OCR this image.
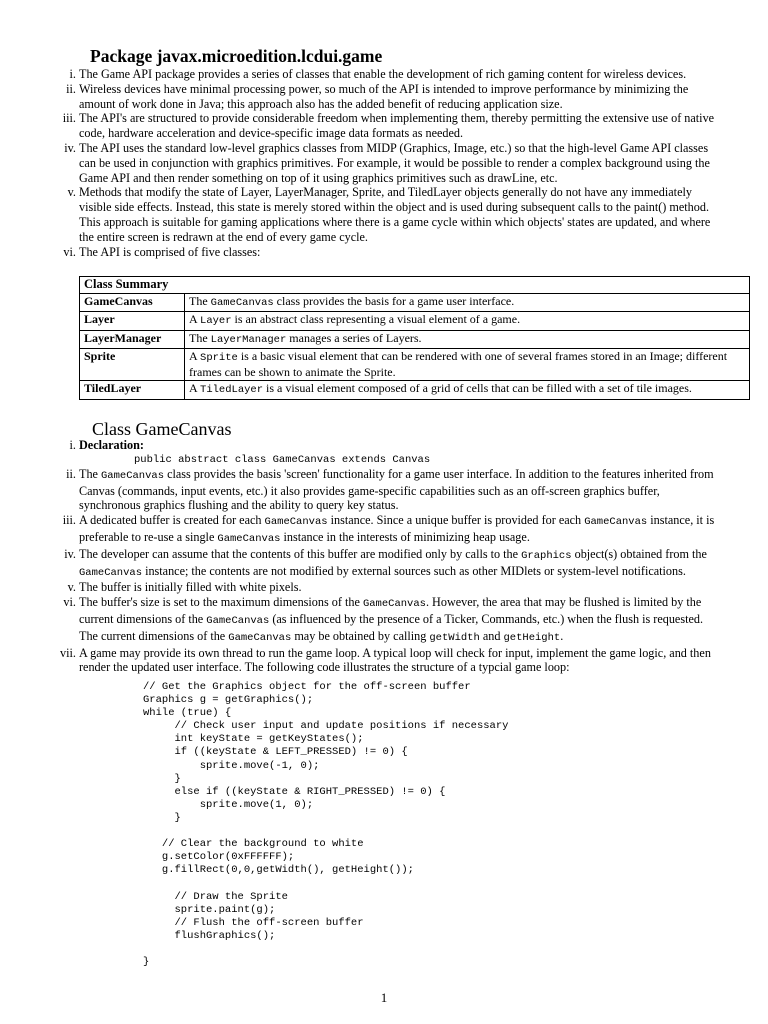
Package javax.microedition.lcdui.game
i. The Game API package provides a series of classes that enable the development of rich gaming content for wireless devices.
ii. Wireless devices have minimal processing power, so much of the API is intended to improve performance by minimizing the amount of work done in Java; this approach also has the added benefit of reducing application size.
iii. The API's are structured to provide considerable freedom when implementing them, thereby permitting the extensive use of native code, hardware acceleration and device-specific image data formats as needed.
iv. The API uses the standard low-level graphics classes from MIDP (Graphics, Image, etc.) so that the high-level Game API classes can be used in conjunction with graphics primitives. For example, it would be possible to render a complex background using the Game API and then render something on top of it using graphics primitives such as drawLine, etc.
v. Methods that modify the state of Layer, LayerManager, Sprite, and TiledLayer objects generally do not have any immediately visible side effects. Instead, this state is merely stored within the object and is used during subsequent calls to the paint() method. This approach is suitable for gaming applications where there is a game cycle within which objects' states are updated, and where the entire screen is redrawn at the end of every game cycle.
vi. The API is comprised of five classes:
Class Summary	
GameCanvas	The GameCanvas class provides the basis for a game user interface.
Layer	A Layer is an abstract class representing a visual element of a game.
LayerManager	The LayerManager manages a series of Layers.
Sprite	A Sprite is a basic visual element that can be rendered with one of several frames stored in an Image; different frames can be shown to animate the Sprite.
TiledLayer	A TiledLayer is a visual element composed of a grid of cells that can be filled with a set of tile images.
Class GameCanvas
i. Declaration:
public abstract class GameCanvas extends Canvas
ii. The GameCanvas class provides the basis 'screen' functionality for a game user interface. In addition to the features inherited from Canvas (commands, input events, etc.) it also provides game-specific capabilities such as an off-screen graphics buffer, synchronous graphics flushing and the ability to query key status.
iii. A dedicated buffer is created for each GameCanvas instance. Since a unique buffer is provided for each GameCanvas instance, it is preferable to re-use a single GameCanvas instance in the interests of minimizing heap usage.
iv. The developer can assume that the contents of this buffer are modified only by calls to the Graphics object(s) obtained from the GameCanvas instance; the contents are not modified by external sources such as other MIDlets or system-level notifications.
v. The buffer is initially filled with white pixels.
vi. The buffer's size is set to the maximum dimensions of the GameCanvas. However, the area that may be flushed is limited by the current dimensions of the GameCanvas (as influenced by the presence of a Ticker, Commands, etc.) when the flush is requested. The current dimensions of the GameCanvas may be obtained by calling getWidth and getHeight.
vii. A game may provide its own thread to run the game loop. A typical loop will check for input, implement the game logic, and then render the updated user interface. The following code illustrates the structure of a typcial game loop:
// Get the Graphics object for the off-screen buffer
Graphics g = getGraphics();
while (true) {
// Check user input and update positions if necessary
int keyState = getKeyStates();
if ((keyState & LEFT_PRESSED) != 0) {
sprite.move(-1, 0);
}
else if ((keyState & RIGHT_PRESSED) != 0) {
sprite.move(1, 0);
}

// Clear the background to white
g.setColor(0xFFFFFF);
g.fillRect(0,0,getWidth(), getHeight());

// Draw the Sprite
sprite.paint(g);
// Flush the off-screen buffer
flushGraphics();

}
1
